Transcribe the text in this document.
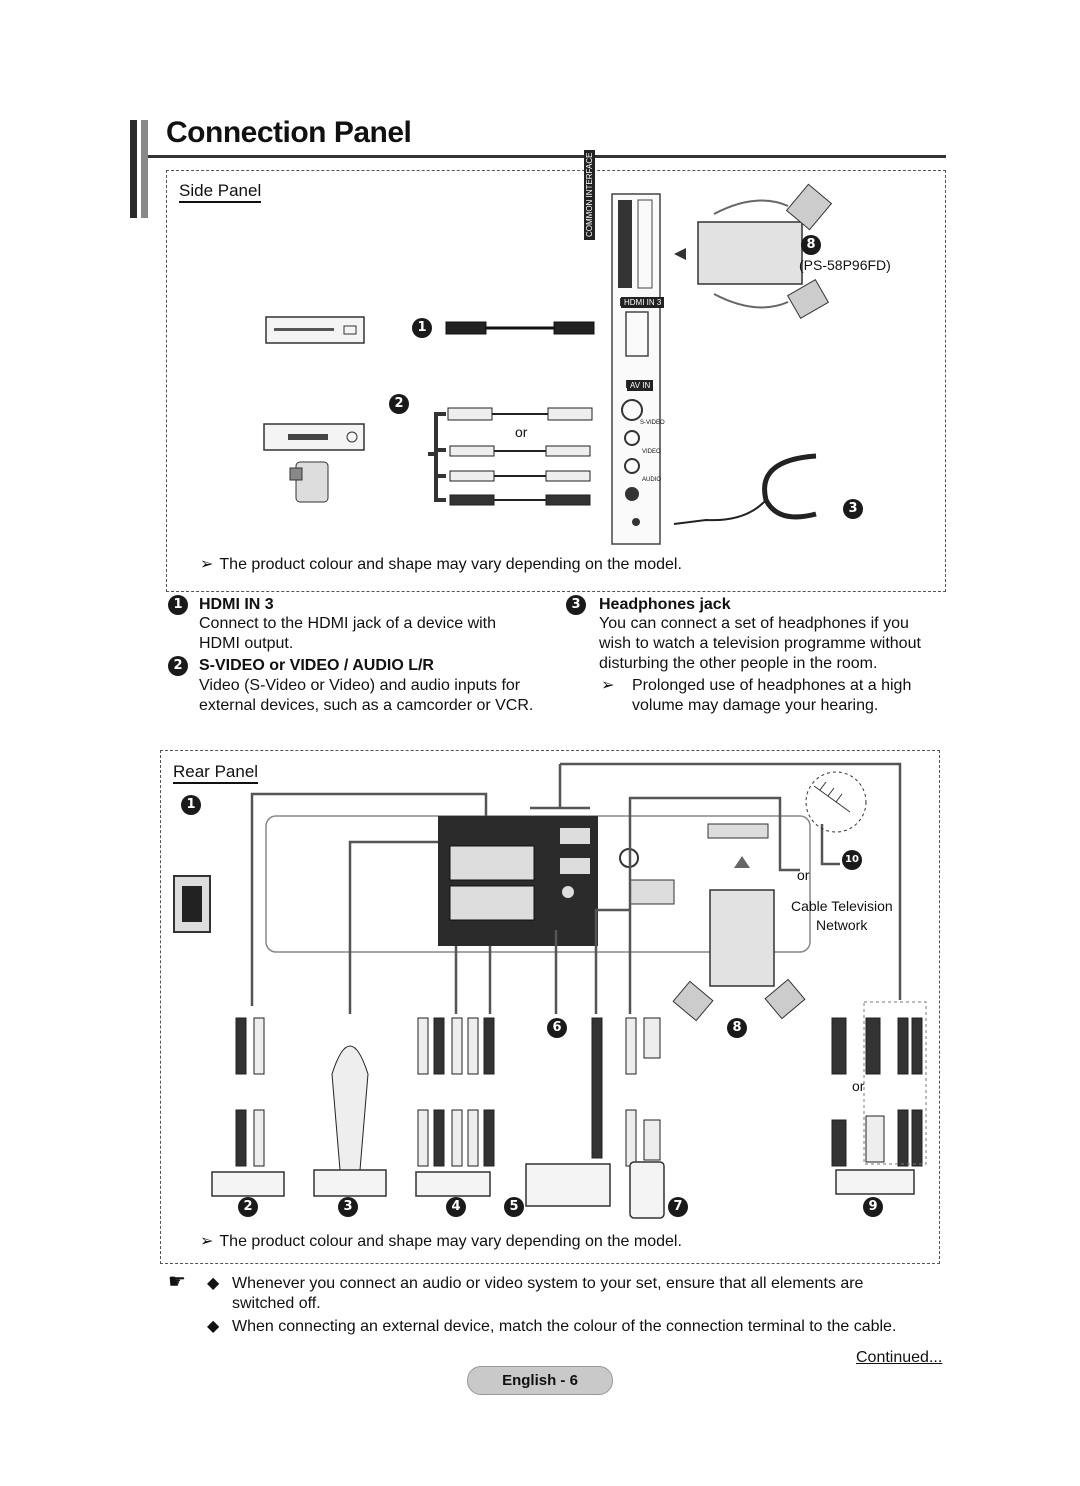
Connection Panel
Side Panel
1
2
3
8
(PS-58P96FD)
or
HDMI IN 3
AV IN
S-VIDEO
VIDEO
AUDIO
COMMON INTERFACE
➢ The product colour and shape may vary depending on the model.
1	HDMI IN 3
Connect to the HDMI jack of a device with
HDMI output.
2	S-VIDEO or VIDEO / AUDIO L/R
Video (S-Video or Video) and audio inputs for
external devices, such as a camcorder or VCR.
3	Headphones jack
You can connect a set of headphones if you
wish to watch a television programme without
disturbing the other people in the room.
➢ Prolonged use of headphones at a high
volume may damage your hearing.
Rear Panel
1
2	3	4	5
6
7
8
9
10
or
or
Cable Television
Network
➢ The product colour and shape may vary depending on the model.
☛ ◆ Whenever you connect an audio or video system to your set, ensure that all elements are
switched off.
◆ When connecting an external device, match the colour of the connection terminal to the cable.
Continued...
English - 6
